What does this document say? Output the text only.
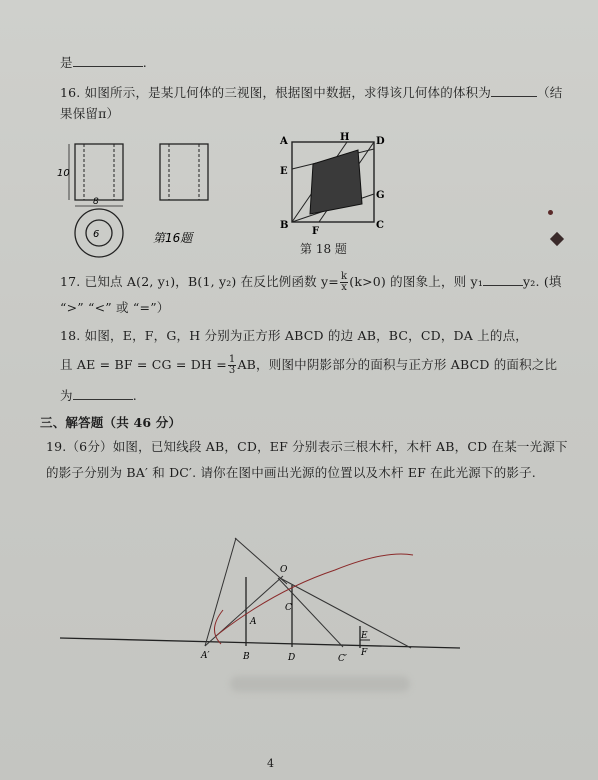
是	.
16. 如图所示，是某几何体的三视图，根据图中数据，求得该几何体的体积为	（结
果保留π）
10
8
6	第16题
A	H	D
E
G
B
F
C
第 18 题
17. 已知点 A(2, y₁)，B(1, y₂) 在反比例函数 $y= \frac{k}{x} (k>0)$ 的图象上，则 y₁	y₂. (填
“>” “<” 或 “=”）
18. 如图，E，F，G，H 分别为正方形 ABCD 的边 AB，BC，CD，DA 上的点，
且 AE = BF = CG = DH = $\frac{1}{3}$ AB，则图中阴影部分的面积与正方形 ABCD 的面积之比
为	.
三、解答题（共 46 分）
19.（6分）如图，已知线段 AB，CD，EF 分别表示三根木杆，木杆 AB，CD 在某一光源下
的影子分别为 BA′ 和 DC′. 请你在图中画出光源的位置以及木杆 EF 在此光源下的影子.
O
A
C
E
F
A′	B	D	C′
4
